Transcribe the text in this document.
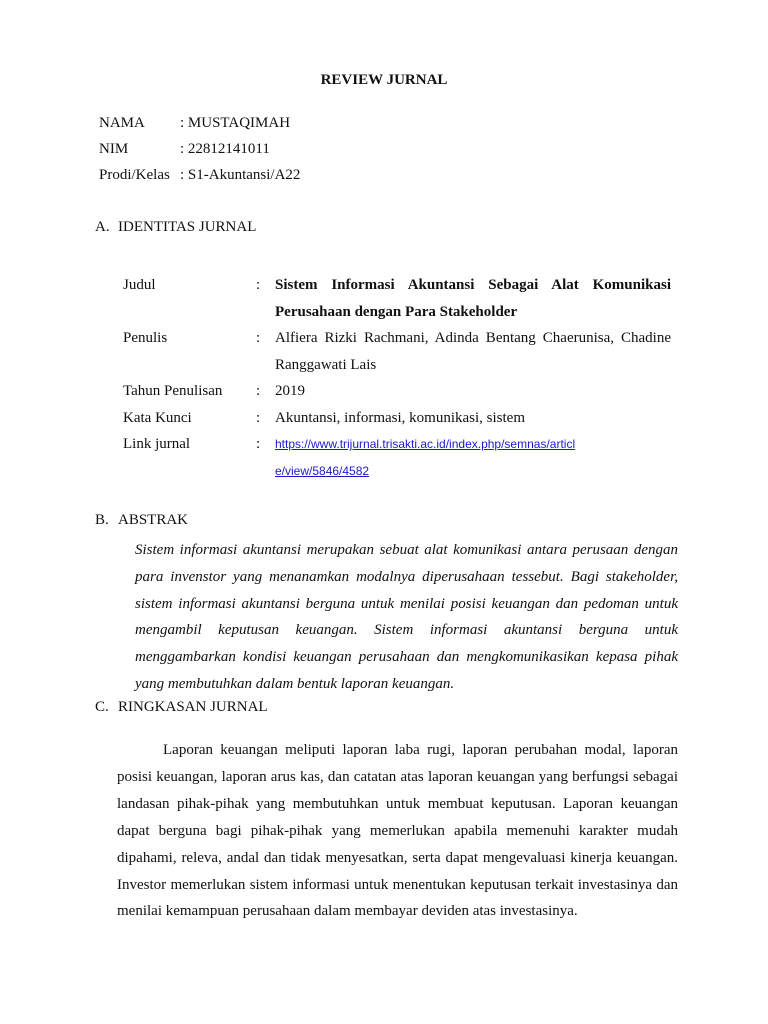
REVIEW JURNAL
NAMA	: MUSTAQIMAH
NIM	: 22812141011
Prodi/Kelas : S1-Akuntansi/A22
A. IDENTITAS JURNAL
Judul	: Sistem Informasi Akuntansi Sebagai Alat Komunikasi
Perusahaan dengan Para Stakeholder
Penulis	: Alfiera Rizki Rachmani, Adinda Bentang Chaerunisa, Chadine
Ranggawati Lais
Tahun Penulisan	: 2019
Kata Kunci	: Akuntansi, informasi, komunikasi, sistem
Link jurnal	:	https://www.trijurnal.trisakti.ac.id/index.php/semnas/articl
e/view/5846/4582
B. ABSTRAK
Sistem informasi akuntansi merupakan sebuat alat komunikasi antara perusaan dengan
para invenstor yang menanamkan modalnya diperusahaan tessebut. Bagi stakeholder,
sistem informasi akuntansi berguna untuk menilai posisi keuangan dan pedoman untuk
mengambil keputusan keuangan. Sistem informasi akuntansi berguna untuk
menggambarkan kondisi keuangan perusahaan dan mengkomunikasikan kepasa pihak
yang membutuhkan dalam bentuk laporan keuangan.
C. RINGKASAN JURNAL
Laporan keuangan meliputi laporan laba rugi, laporan perubahan modal, laporan
posisi keuangan, laporan arus kas, dan catatan atas laporan keuangan yang berfungsi sebagai
landasan pihak-pihak yang membutuhkan untuk membuat keputusan. Laporan keuangan
dapat berguna bagi pihak-pihak yang memerlukan apabila memenuhi karakter mudah
dipahami, releva, andal dan tidak menyesatkan, serta dapat mengevaluasi kinerja keuangan.
Investor memerlukan sistem informasi untuk menentukan keputusan terkait investasinya dan
menilai kemampuan perusahaan dalam membayar deviden atas investasinya.
